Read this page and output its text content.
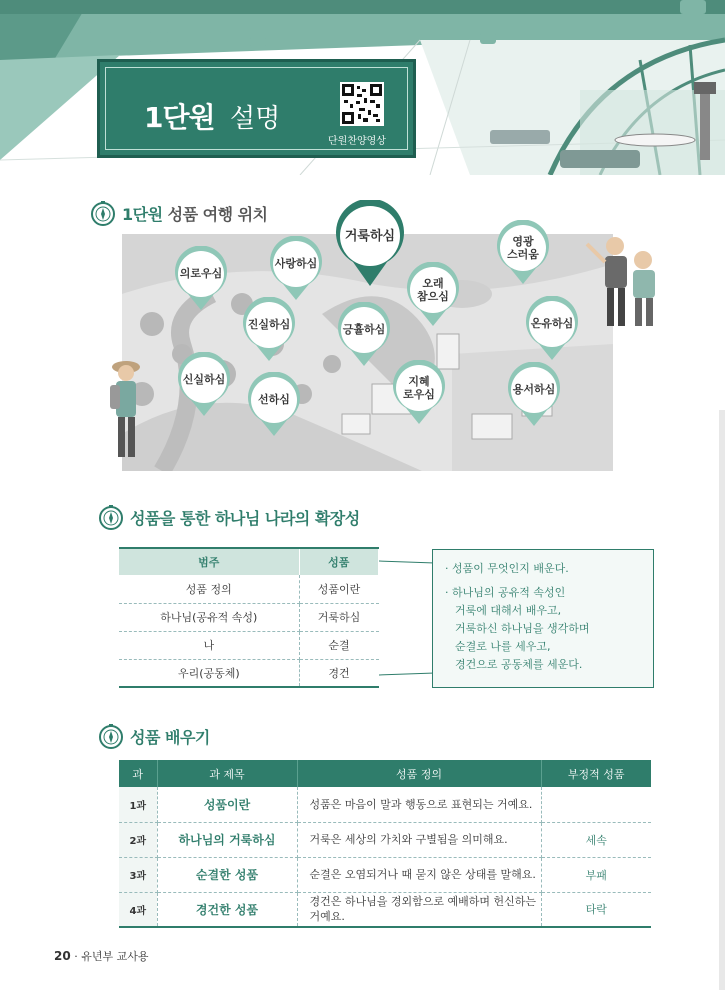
1단원 설명
단원찬양영상
1단원 성품 여행 위치
거룩하심
의로우심
사랑하심
영광
스러움
오래
참으심
진실하심	긍휼하심	온유하심
신실하심
선하심
지혜
로우심	용서하심
성품을 통한 하나님 나라의 확장성
범주	성품
성품 정의	성품이란
하나님(공유적 속성)	거룩하심
나	순결
우리(공동체)	경건

· 성품이 무엇인지 배운다.

· 하나님의 공유적 속성인
거룩에 대해서 배우고,
거룩하신 하나님을 생각하며
순결로 나를 세우고,
경건으로 공동체를 세운다.
성품 배우기
과	과 제목	성품 정의	부정적 성품
1과	성품이란	성품은 마음이 말과 행동으로 표현되는 거예요.	
2과	하나님의 거룩하심	거룩은 세상의 가치와 구별됨을 의미해요.	세속
3과	순결한 성품	순결은 오염되거나 때 묻지 않은 상태를 말해요.	부패
4과	경건한 성품	경건은 하나님을 경외함으로 예배하며 헌신하는 거예요.	타락
20 · 유년부 교사용
